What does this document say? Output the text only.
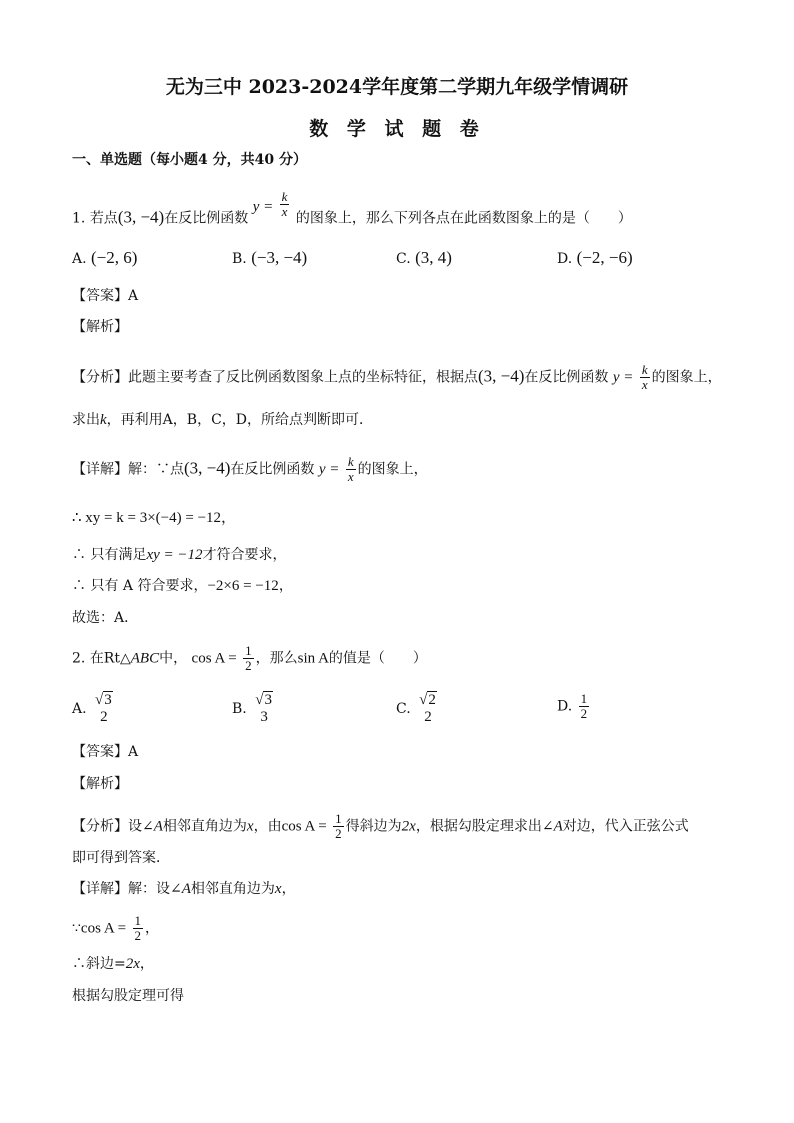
无为三中 2023-2024学年度第二学期九年级学情调研
数 学 试 题 卷
一、单选题（每小题4 分，共40 分）
1. 若点(3, −4)在反比例函数 $y = \frac{k}{x}$ 的图象上，那么下列各点在此函数图象上的是（　　）
A. (−2, 6)	B. (−3, −4)	C. (3, 4)	D. (−2, −6)
【答案】A
【解析】
【分析】此题主要考查了反比例函数图象上点的坐标特征，根据点(3, −4)在反比例函数 $y = \frac{k}{x}$ 的图象上，
求出k，再利用A，B，C，D，所给点判断即可．
【详解】解：∵点(3, −4)在反比例函数 $y = \frac{k}{x}$ 的图象上，
∴ xy = k = 3×(−4) = −12，
∴ 只有满足xy = −12才符合要求，
∴ 只有 A 符合要求，−2×6 = −12，
故选：A．
2. 在Rt△ABC中， $\cos A = \frac{1}{2}$ ，那么sin A的值是（　　）
A.
√3
2	B.
√3
3	C.
√2
2
D. $\frac{1}{2}$
【答案】A
【解析】
【分析】设∠A相邻直角边为x，由$\cos A = \frac{1}{2}$ 得斜边为2x，根据勾股定理求出∠A对边，代入正弦公式
即可得到答案．
【详解】解：设∠A相邻直角边为x，
∵cos $A = \frac{1}{2}$ ，
∴斜边=2x，
根据勾股定理可得
